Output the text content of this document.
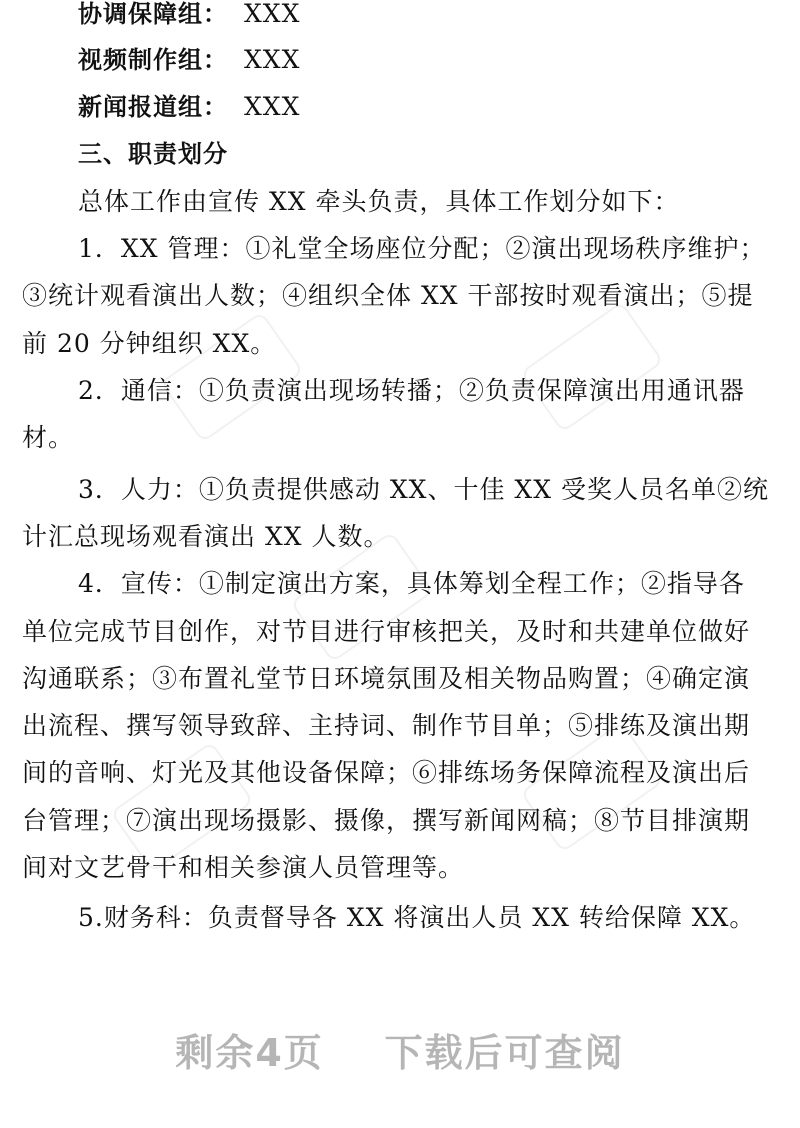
协调保障组： XXX
视频制作组： XXX
新闻报道组： XXX
三、职责划分
总体工作由宣传 XX 牵头负责，具体工作划分如下：
1．XX 管理：①礼堂全场座位分配；②演出现场秩序维护；
③统计观看演出人数；④组织全体 XX 干部按时观看演出；⑤提
前 20 分钟组织 XX。
2．通信：①负责演出现场转播；②负责保障演出用通讯器
材。
3．人力：①负责提供感动 XX、十佳 XX 受奖人员名单②统
计汇总现场观看演出 XX 人数。
4．宣传：①制定演出方案，具体筹划全程工作；②指导各
单位完成节目创作，对节目进行审核把关，及时和共建单位做好
沟通联系；③布置礼堂节日环境氛围及相关物品购置；④确定演
出流程、撰写领导致辞、主持词、制作节目单；⑤排练及演出期
间的音响、灯光及其他设备保障；⑥排练场务保障流程及演出后
台管理；⑦演出现场摄影、摄像，撰写新闻网稿；⑧节目排演期
间对文艺骨干和相关参演人员管理等。
5.财务科：负责督导各 XX 将演出人员 XX 转给保障 XX。
剩余4页    下载后可查阅
